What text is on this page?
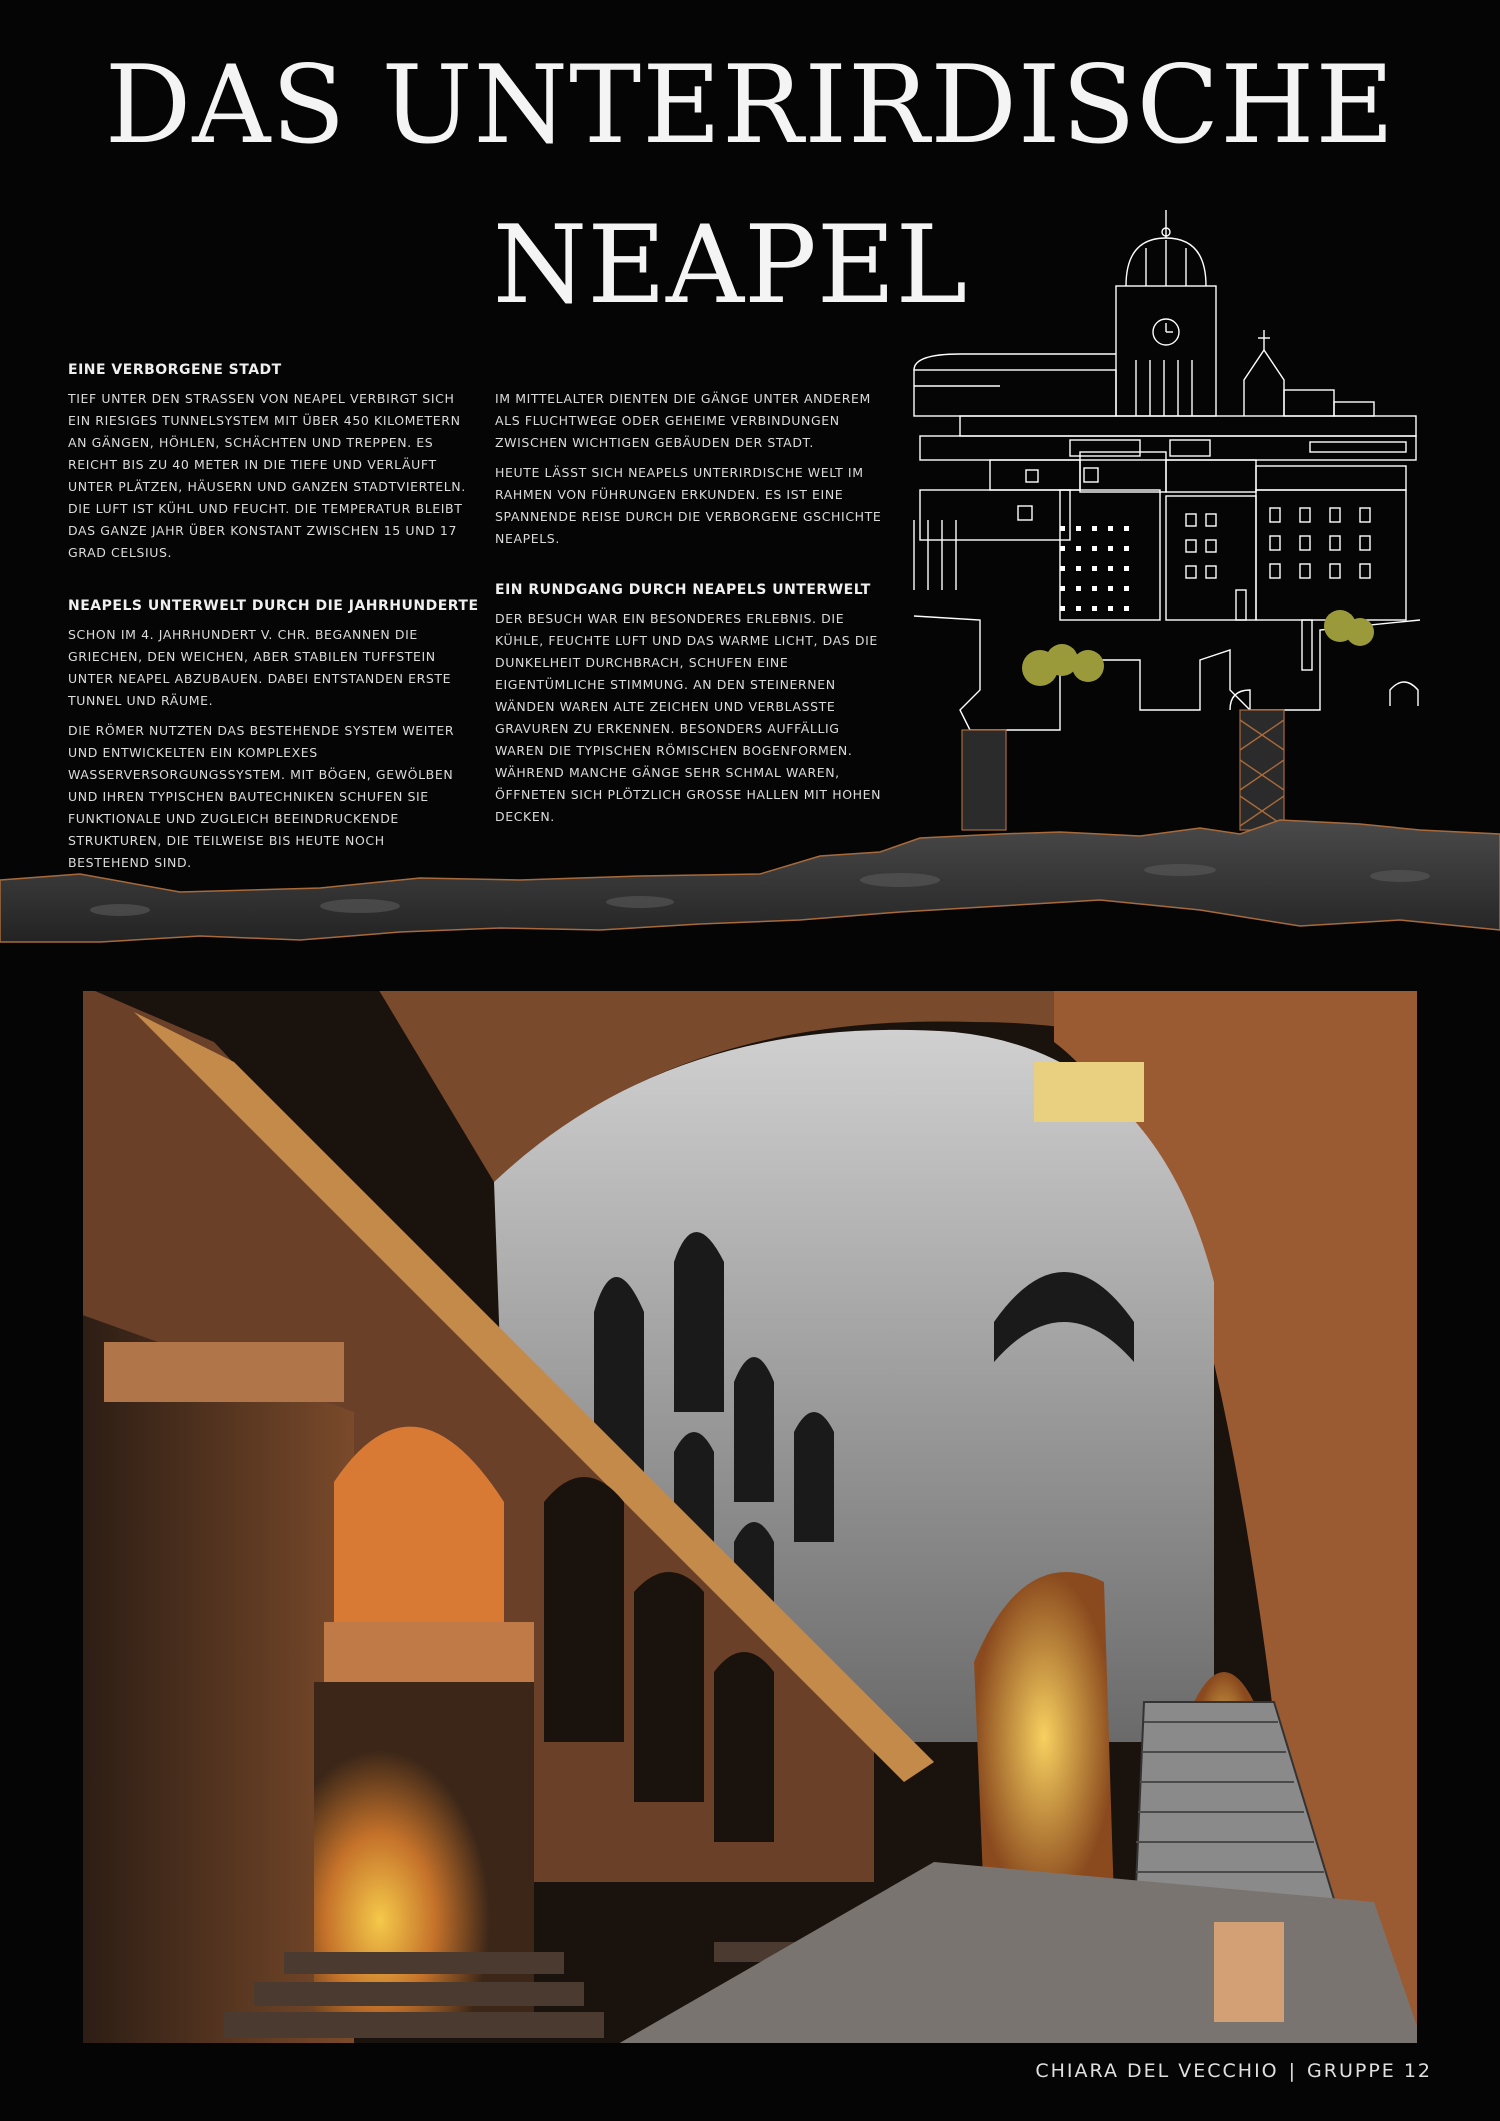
DAS UNTERIRDISCHE
NEAPEL
EINE VERBORGENE STADT

TIEF UNTER DEN STRASSEN VON NEAPEL VERBIRGT SICH EIN RIESIGES TUNNELSYSTEM MIT ÜBER 450 KILOMETERN AN GÄNGEN, HÖHLEN, SCHÄCHTEN UND TREPPEN. ES REICHT BIS ZU 40 METER IN DIE TIEFE UND VERLÄUFT UNTER PLÄTZEN, HÄUSERN UND GANZEN STADTVIERTELN. DIE LUFT IST KÜHL UND FEUCHT. DIE TEMPERATUR BLEIBT DAS GANZE JAHR ÜBER KONSTANT ZWISCHEN 15 UND 17 GRAD CELSIUS.

NEAPELS UNTERWELT DURCH DIE JAHRHUNDERTE

SCHON IM 4. JAHRHUNDERT V. CHR. BEGANNEN DIE GRIECHEN, DEN WEICHEN, ABER STABILEN TUFFSTEIN UNTER NEAPEL ABZUBAUEN. DABEI ENTSTANDEN ERSTE TUNNEL UND RÄUME.

DIE RÖMER NUTZTEN DAS BESTEHENDE SYSTEM WEITER UND ENTWICKELTEN EIN KOMPLEXES WASSERVERSORGUNGSSYSTEM. MIT BÖGEN, GEWÖLBEN UND IHREN TYPISCHEN BAUTECHNIKEN SCHUFEN SIE FUNKTIONALE UND ZUGLEICH BEEINDRUCKENDE STRUKTUREN, DIE TEILWEISE BIS HEUTE NOCH BESTEHEND SIND.

IM MITTELALTER DIENTEN DIE GÄNGE UNTER ANDEREM ALS FLUCHTWEGE ODER GEHEIME VERBINDUNGEN ZWISCHEN WICHTIGEN GEBÄUDEN DER STADT.

HEUTE LÄSST SICH NEAPELS UNTERIRDISCHE WELT IM RAHMEN VON FÜHRUNGEN ERKUNDEN. ES IST EINE SPANNENDE REISE DURCH DIE VERBORGENE GSCHICHTE NEAPELS.

EIN RUNDGANG DURCH NEAPELS UNTERWELT

DER BESUCH WAR EIN BESONDERES ERLEBNIS. DIE KÜHLE, FEUCHTE LUFT UND DAS WARME LICHT, DAS DIE DUNKELHEIT DURCHBRACH, SCHUFEN EINE EIGENTÜMLICHE STIMMUNG. AN DEN STEINERNEN WÄNDEN WAREN ALTE ZEICHEN UND VERBLASSTE GRAVUREN ZU ERKENNEN. BESONDERS AUFFÄLLIG WAREN DIE TYPISCHEN RÖMISCHEN BOGENFORMEN. WÄHREND MANCHE GÄNGE SEHR SCHMAL WAREN, ÖFFNETEN SICH PLÖTZLICH GROSSE HALLEN MIT HOHEN DECKEN.

CHIARA DEL VECCHIO | GRUPPE 12
